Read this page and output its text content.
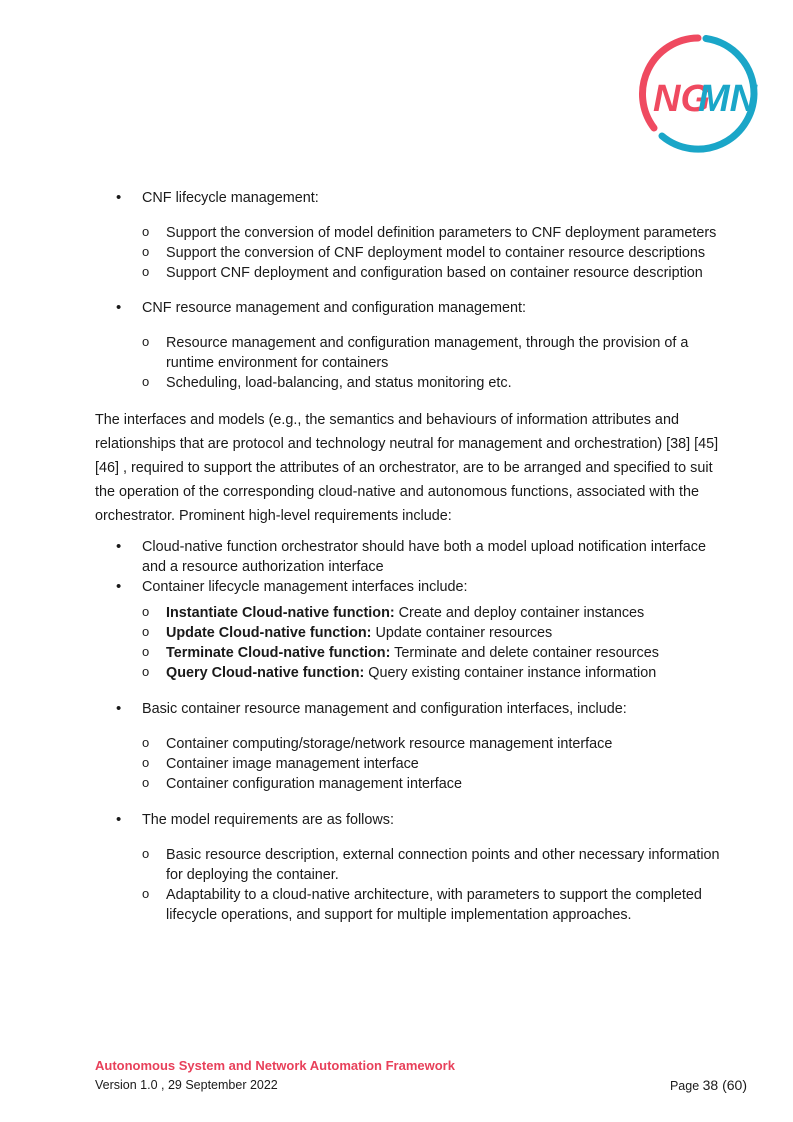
NG
MN
• CNF lifecycle management:
o Support the conversion of model definition parameters to CNF deployment parameters
o Support the conversion of CNF deployment model to container resource descriptions
o Support CNF deployment and configuration based on container resource description
• CNF resource management and configuration management:
o Resource management and configuration management, through the provision of a runtime environment for containers
o Scheduling, load-balancing, and status monitoring etc.

The interfaces and models (e.g., the semantics and behaviours of information attributes and relationships that are protocol and technology neutral for management and orchestration) [38] [45] [46] , required to support the attributes of an orchestrator, are to be arranged and specified to suit the operation of the corresponding cloud-native and autonomous functions, associated with the orchestrator. Prominent high-level requirements include:

• Cloud-native function orchestrator should have both a model upload notification interface and a resource authorization interface
• Container lifecycle management interfaces include:
o Instantiate Cloud-native function: Create and deploy container instances
o Update Cloud-native function: Update container resources
o Terminate Cloud-native function: Terminate and delete container resources
o Query Cloud-native function: Query existing container instance information
• Basic container resource management and configuration interfaces, include:
o Container computing/storage/network resource management interface
o Container image management interface
o Container configuration management interface
• The model requirements are as follows:
o Basic resource description, external connection points and other necessary information for deploying the container.
o Adaptability to a cloud-native architecture, with parameters to support the completed lifecycle operations, and support for multiple implementation approaches.
Autonomous System and Network Automation Framework
Version 1.0 , 29 September 2022	Page 38 (60)
